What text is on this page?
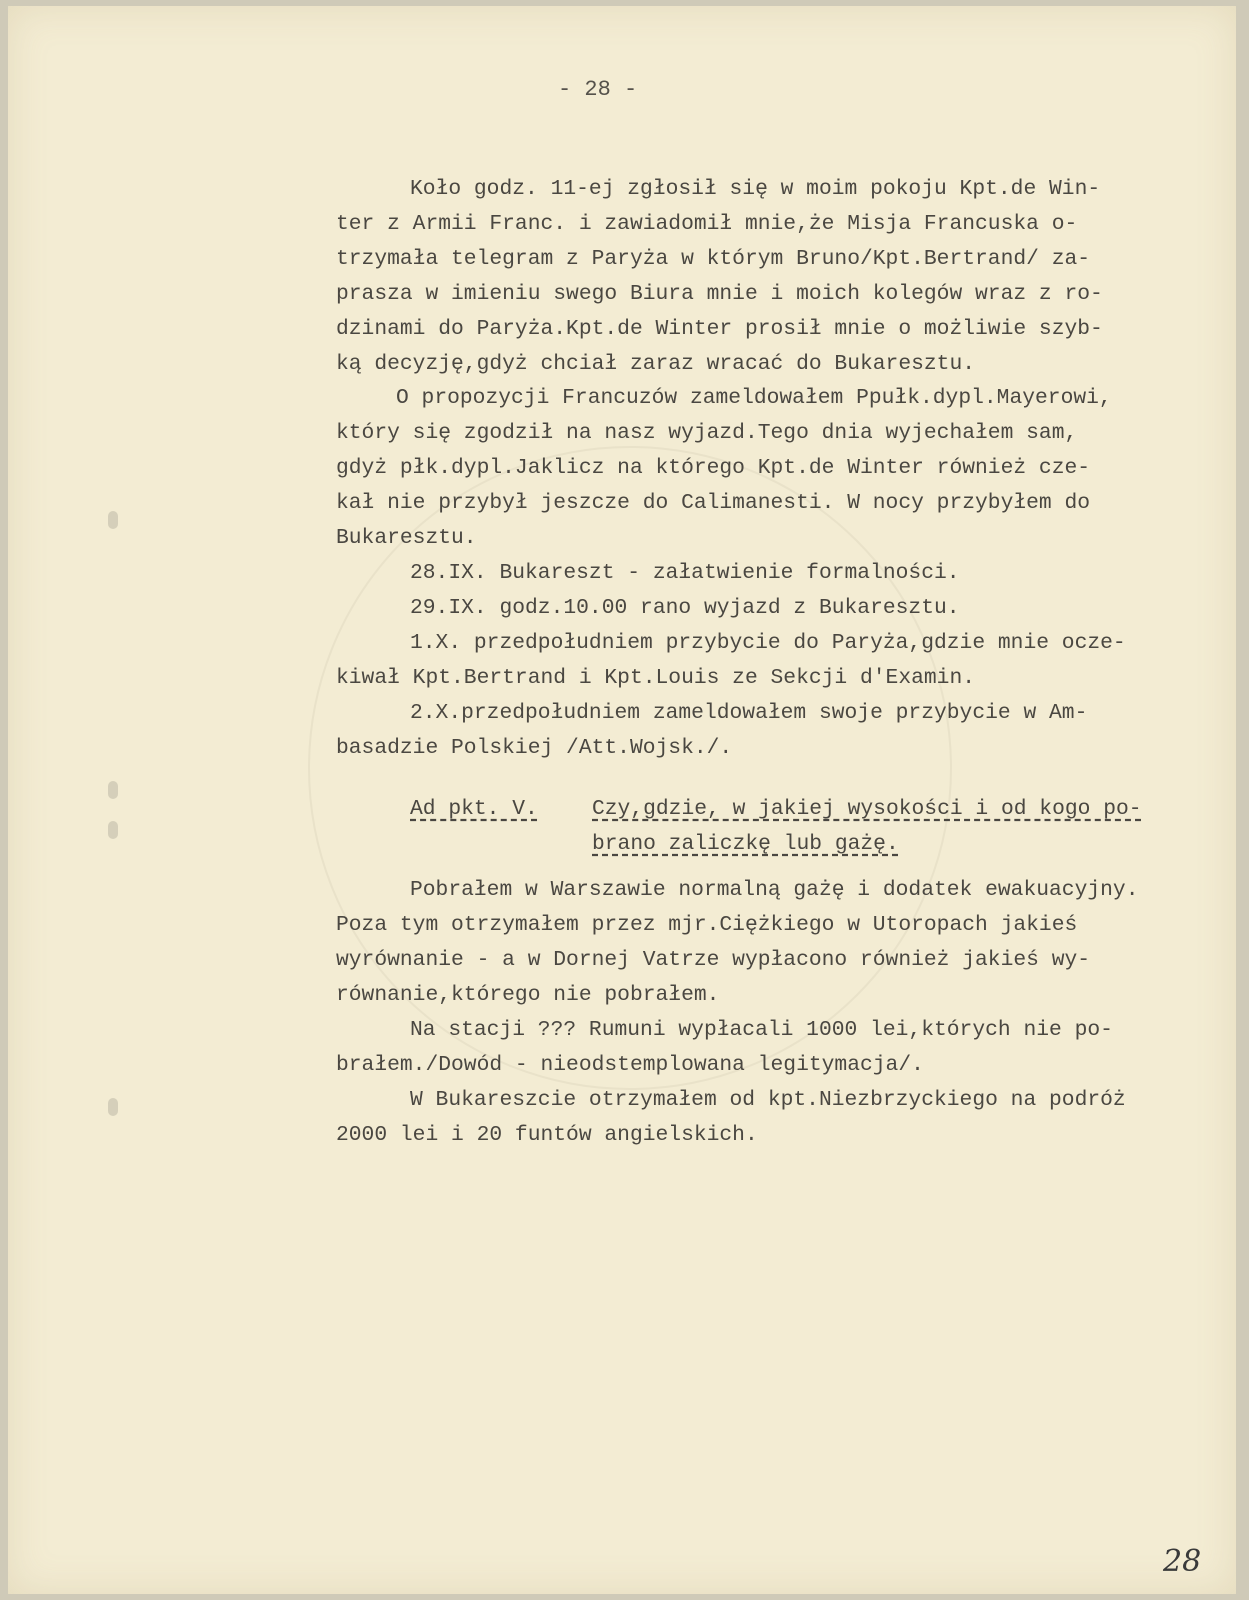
- 28 -
Koło godz. 11-ej zgłosił się w moim pokoju Kpt.de Win-
ter z Armii Franc. i zawiadomił mnie,że Misja Francuska o-
trzymała telegram z Paryża w którym Bruno/Kpt.Bertrand/ za-
prasza w imieniu swego Biura mnie i moich kolegów wraz z ro-
dzinami do Paryża.Kpt.de Winter prosił mnie o możliwie szyb-
ką decyzję,gdyż chciał zaraz wracać do Bukaresztu.
O propozycji Francuzów zameldowałem Ppułk.dypl.Mayerowi,
który się zgodził na nasz wyjazd.Tego dnia wyjechałem sam,
gdyż płk.dypl.Jaklicz na którego Kpt.de Winter również cze-
kał nie przybył jeszcze do Calimanesti. W nocy przybyłem do
Bukaresztu.
28.IX. Bukareszt - załatwienie formalności.
29.IX. godz.10.00 rano wyjazd z Bukaresztu.
1.X. przedpołudniem przybycie do Paryża,gdzie mnie ocze-
kiwał Kpt.Bertrand i Kpt.Louis ze Sekcji d'Examin.
2.X.przedpołudniem zameldowałem swoje przybycie w Am-
basadzie Polskiej /Att.Wojsk./.
Ad pkt. V.	Czy,gdzie, w jakiej wysokości i od kogo po-
brano zaliczkę lub gażę.
Pobrałem w Warszawie normalną gażę i dodatek ewakuacyjny.
Poza tym otrzymałem przez mjr.Ciężkiego w Utoropach jakieś
wyrównanie - a w Dornej Vatrze wypłacono również jakieś wy-
równanie,którego nie pobrałem.
Na stacji ??? Rumuni wypłacali 1000 lei,których nie po-
brałem./Dowód - nieodstemplowana legitymacja/.
W Bukareszcie otrzymałem od kpt.Niezbrzyckiego na podróż
2000 lei i 20 funtów angielskich.
28
